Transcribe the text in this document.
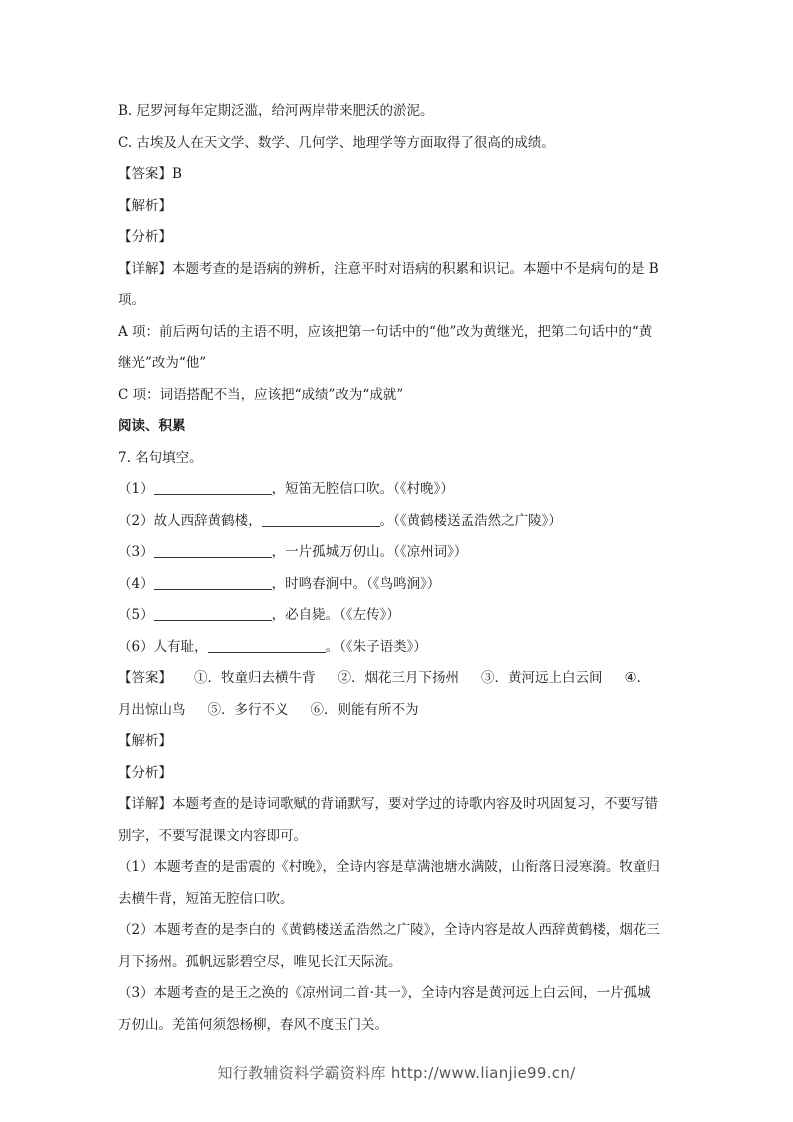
B. 尼罗河每年定期泛滥，给河两岸带来肥沃的淤泥。
C. 古埃及人在天文学、数学、几何学、地理学等方面取得了很高的成绩。
【答案】B
【解析】
【分析】
【详解】本题考查的是语病的辨析，注意平时对语病的积累和识记。本题中不是病句的是 B
项。
A 项：前后两句话的主语不明，应该把第一句话中的“他”改为黄继光，把第二句话中的“黄
继光”改为“他”
C 项：词语搭配不当，应该把“成绩”改为“成就”
阅读、积累
7. 名句填空。
（1）	，短笛无腔信口吹。（《村晚》）
（2）故人西辞黄鹤楼，	。（《黄鹤楼送孟浩然之广陵》）
（3）	，一片孤城万仞山。（《凉州词》）
（4）	，时鸣春涧中。（《鸟鸣涧》）
（5）	，必自毙。（《左传》）
（6）人有耻，	。（《朱子语类》）
【答案】 ①．牧童归去横牛背 ②．烟花三月下扬州 ③．黄河远上白云间 ④．
月出惊山鸟 ⑤．多行不义 ⑥．则能有所不为
【解析】
【分析】
【详解】本题考查的是诗词歌赋的背诵默写，要对学过的诗歌内容及时巩固复习，不要写错
别字，不要写混课文内容即可。
（1）本题考查的是雷震的《村晚》，全诗内容是草满池塘水满陂，山衔落日浸寒漪。牧童归
去横牛背，短笛无腔信口吹。
（2）本题考查的是李白的《黄鹤楼送孟浩然之广陵》，全诗内容是故人西辞黄鹤楼，烟花三
月下扬州。孤帆远影碧空尽，唯见长江天际流。
（3）本题考查的是王之涣的《凉州词二首·其一》，全诗内容是黄河远上白云间，一片孤城
万仞山。羌笛何须怨杨柳，春风不度玉门关。
知行教辅资料学霸资料库 http://www.lianjie99.cn/
